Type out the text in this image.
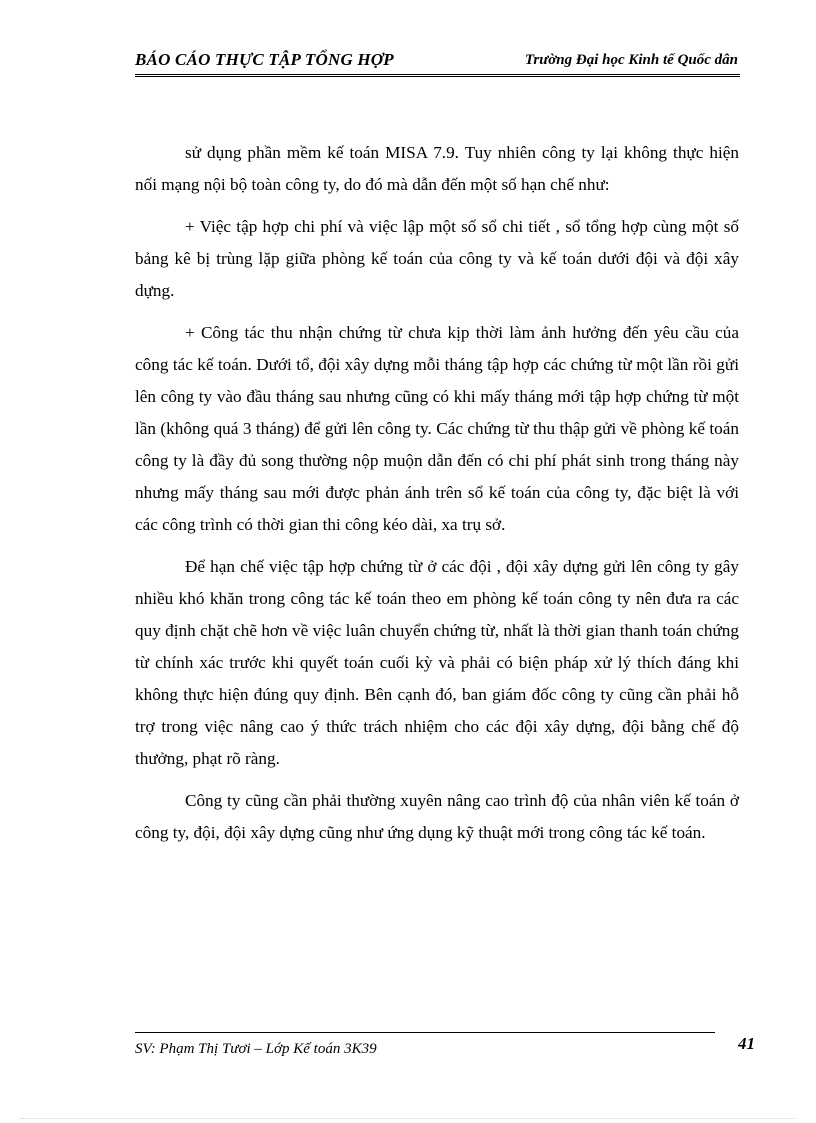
BÁO CÁO THỰC TẬP TỔNG HỢP	Trường Đại học Kinh tế Quốc dân

sử dụng phần mềm kế toán MISA 7.9. Tuy nhiên công ty lại không thực hiện nối mạng nội bộ toàn công ty, do đó mà dẫn đến một số hạn chế như:

+ Việc tập hợp chi phí và việc lập một số sổ chi tiết , sổ tổng hợp cùng một số bảng kê bị trùng lặp giữa phòng kế toán của công ty và kế toán dưới đội và đội xây dựng.

+ Công tác thu nhận chứng từ chưa kịp thời làm ảnh hưởng đến yêu cầu của công tác kế toán. Dưới tổ, đội xây dựng mỗi tháng tập hợp các chứng từ một lần rồi gửi lên công ty vào đầu tháng sau nhưng cũng có khi mấy tháng mới tập hợp chứng từ một lần (không quá 3 tháng) để gửi lên công ty. Các chứng từ thu thập gửi về phòng kế toán công ty là đầy đủ song thường nộp muộn dẫn đến có chi phí phát sinh trong tháng này nhưng mấy tháng sau mới được phản ánh trên sổ kế toán của công ty, đặc biệt là với các công trình có thời gian thi công kéo dài, xa trụ sở.

Để hạn chế việc tập hợp chứng từ ở các đội , đội xây dựng gửi lên công ty gây nhiều khó khăn trong công tác kế toán theo em phòng kế toán công ty nên đưa ra các quy định chặt chẽ hơn về việc luân chuyển chứng từ, nhất là thời gian thanh toán chứng từ chính xác trước khi quyết toán cuối kỳ và phải có biện pháp xử lý thích đáng khi không thực hiện đúng quy định. Bên cạnh đó, ban giám đốc công ty cũng cần phải hỗ trợ trong việc nâng cao ý thức trách nhiệm cho các đội xây dựng, đội bằng chế độ thưởng, phạt rõ ràng.

Công ty cũng cần phải thường xuyên nâng cao trình độ của nhân viên kế toán ở công ty, đội, đội xây dựng cũng như ứng dụng kỹ thuật mới trong công tác kế toán.

SV: Phạm Thị Tươi – Lớp Kế toán 3K39	41
